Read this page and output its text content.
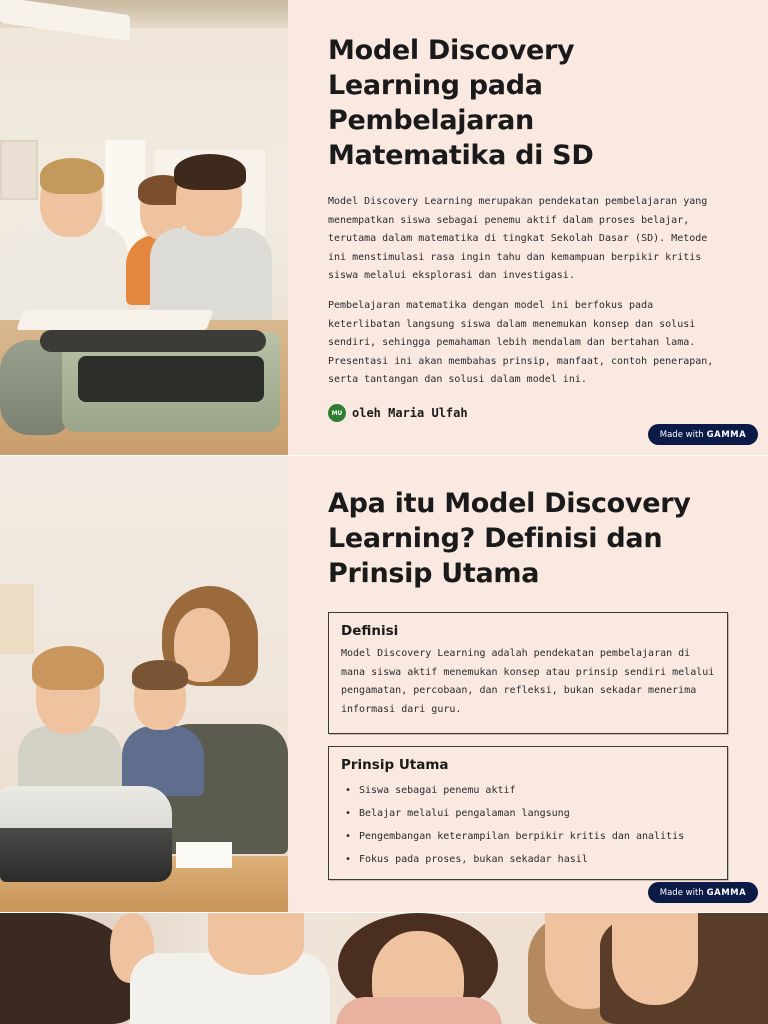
Model Discovery Learning pada Pembelajaran Matematika di SD

Model Discovery Learning merupakan pendekatan pembelajaran yang menempatkan siswa sebagai penemu aktif dalam proses belajar, terutama dalam matematika di tingkat Sekolah Dasar (SD). Metode ini menstimulasi rasa ingin tahu dan kemampuan berpikir kritis siswa melalui eksplorasi dan investigasi.

Pembelajaran matematika dengan model ini berfokus pada keterlibatan langsung siswa dalam menemukan konsep dan solusi sendiri, sehingga pemahaman lebih mendalam dan bertahan lama. Presentasi ini akan membahas prinsip, manfaat, contoh penerapan, serta tantangan dan solusi dalam model ini.

MU oleh Maria Ulfah
Made with GAMMA
Apa itu Model Discovery Learning? Definisi dan Prinsip Utama
Definisi
Model Discovery Learning adalah pendekatan pembelajaran di mana siswa aktif menemukan konsep atau prinsip sendiri melalui pengamatan, percobaan, dan refleksi, bukan sekadar menerima informasi dari guru.
Prinsip Utama
• Siswa sebagai penemu aktif
• Belajar melalui pengalaman langsung
• Pengembangan keterampilan berpikir kritis dan analitis
• Fokus pada proses, bukan sekadar hasil
Made with GAMMA
